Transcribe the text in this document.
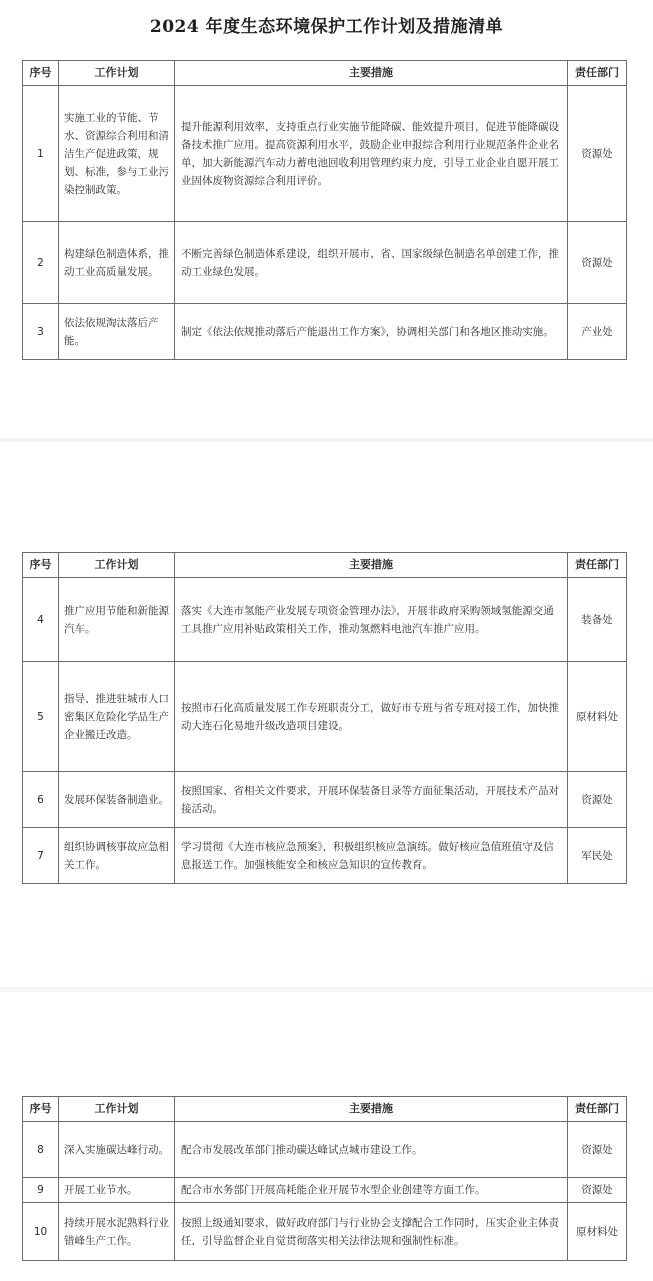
2024 年度生态环境保护工作计划及措施清单
序号	工作计划	主要措施	责任部门
1	实施工业的节能、节水、资源综合利用和清洁生产促进政策，规划、标准，参与工业污染控制政策。	提升能源利用效率，支持重点行业实施节能降碳、能效提升项目，促进节能降碳设备技术推广应用。提高资源利用水平，鼓励企业申报综合利用行业规范条件企业名单，加大新能源汽车动力蓄电池回收利用管理约束力度，引导工业企业自愿开展工业固体废物资源综合利用评价。	资源处
2	构建绿色制造体系，推动工业高质量发展。	不断完善绿色制造体系建设，组织开展市、省、国家级绿色制造名单创建工作，推动工业绿色发展。	资源处
3	依法依规淘汰落后产能。	制定《依法依规推动落后产能退出工作方案》，协调相关部门和各地区推动实施。	产业处
序号	工作计划	主要措施	责任部门
4	推广应用节能和新能源汽车。	落实《大连市氢能产业发展专项资金管理办法》，开展非政府采购领域氢能源交通工具推广应用补贴政策相关工作，推动氢燃料电池汽车推广应用。	装备处
5	指导、推进驻城市人口密集区危险化学品生产企业搬迁改造。	按照市石化高质量发展工作专班职责分工，做好市专班与省专班对接工作，加快推动大连石化易地升级改造项目建设。	原材料处
6	发展环保装备制造业。	按照国家、省相关文件要求，开展环保装备目录等方面征集活动，开展技术产品对接活动。	资源处
7	组织协调核事故应急相关工作。	学习贯彻《大连市核应急预案》，积极组织核应急演练。做好核应急值班值守及信息报送工作。加强核能安全和核应急知识的宣传教育。	军民处
序号	工作计划	主要措施	责任部门
8	深入实施碳达峰行动。	配合市发展改革部门推动碳达峰试点城市建设工作。	资源处
9	开展工业节水。	配合市水务部门开展高耗能企业开展节水型企业创建等方面工作。	资源处
10	持续开展水泥熟料行业错峰生产工作。	按照上级通知要求，做好政府部门与行业协会支撑配合工作同时，压实企业主体责任，引导监督企业自觉贯彻落实相关法律法规和强制性标准。	原材料处
